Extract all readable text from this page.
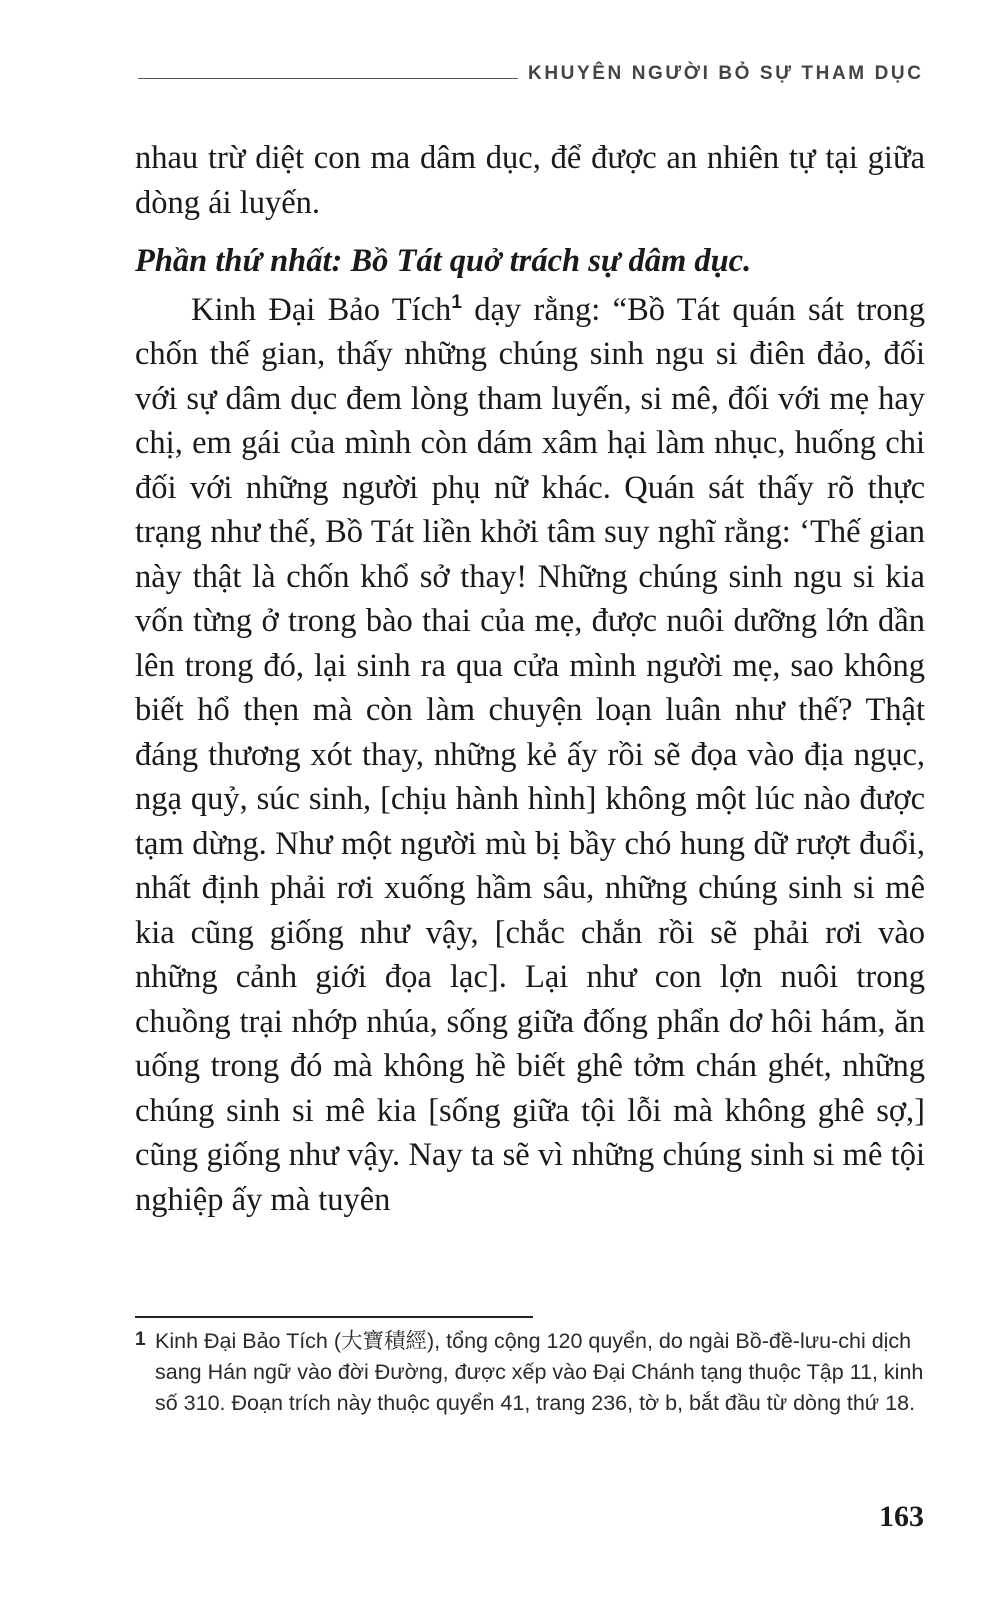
KHUYÊN NGƯỜI BỎ SỰ THAM DỤC

nhau trừ diệt con ma dâm dục, để được an nhiên tự tại giữa dòng ái luyến.

Phần thứ nhất: Bồ Tát quở trách sự dâm dục.

Kinh Đại Bảo Tích$^1$ dạy rằng: “Bồ Tát quán sát trong chốn thế gian, thấy những chúng sinh ngu si điên đảo, đối với sự dâm dục đem lòng tham luyến, si mê, đối với mẹ hay chị, em gái của mình còn dám xâm hại làm nhục, huống chi đối với những người phụ nữ khác. Quán sát thấy rõ thực trạng như thế, Bồ Tát liền khởi tâm suy nghĩ rằng: ‘Thế gian này thật là chốn khổ sở thay! Những chúng sinh ngu si kia vốn từng ở trong bào thai của mẹ, được nuôi dưỡng lớn dần lên trong đó, lại sinh ra qua cửa mình người mẹ, sao không biết hổ thẹn mà còn làm chuyện loạn luân như thế? Thật đáng thương xót thay, những kẻ ấy rồi sẽ đọa vào địa ngục, ngạ quỷ, súc sinh, [chịu hành hình] không một lúc nào được tạm dừng. Như một người mù bị bầy chó hung dữ rượt đuổi, nhất định phải rơi xuống hầm sâu, những chúng sinh si mê kia cũng giống như vậy, [chắc chắn rồi sẽ phải rơi vào những cảnh giới đọa lạc]. Lại như con lợn nuôi trong chuồng trại nhớp nhúa, sống giữa đống phẩn dơ hôi hám, ăn uống trong đó mà không hề biết ghê tởm chán ghét, những chúng sinh si mê kia [sống giữa tội lỗi mà không ghê sợ,] cũng giống như vậy. Nay ta sẽ vì những chúng sinh si mê tội nghiệp ấy mà tuyên

1 Kinh Đại Bảo Tích (大寶積經), tổng cộng 120 quyển, do ngài Bồ-đề-lưu-chi dịch sang Hán ngữ vào đời Đường, được xếp vào Đại Chánh tạng thuộc Tập 11, kinh số 310. Đoạn trích này thuộc quyển 41, trang 236, tờ b, bắt đầu từ dòng thứ 18.

163
